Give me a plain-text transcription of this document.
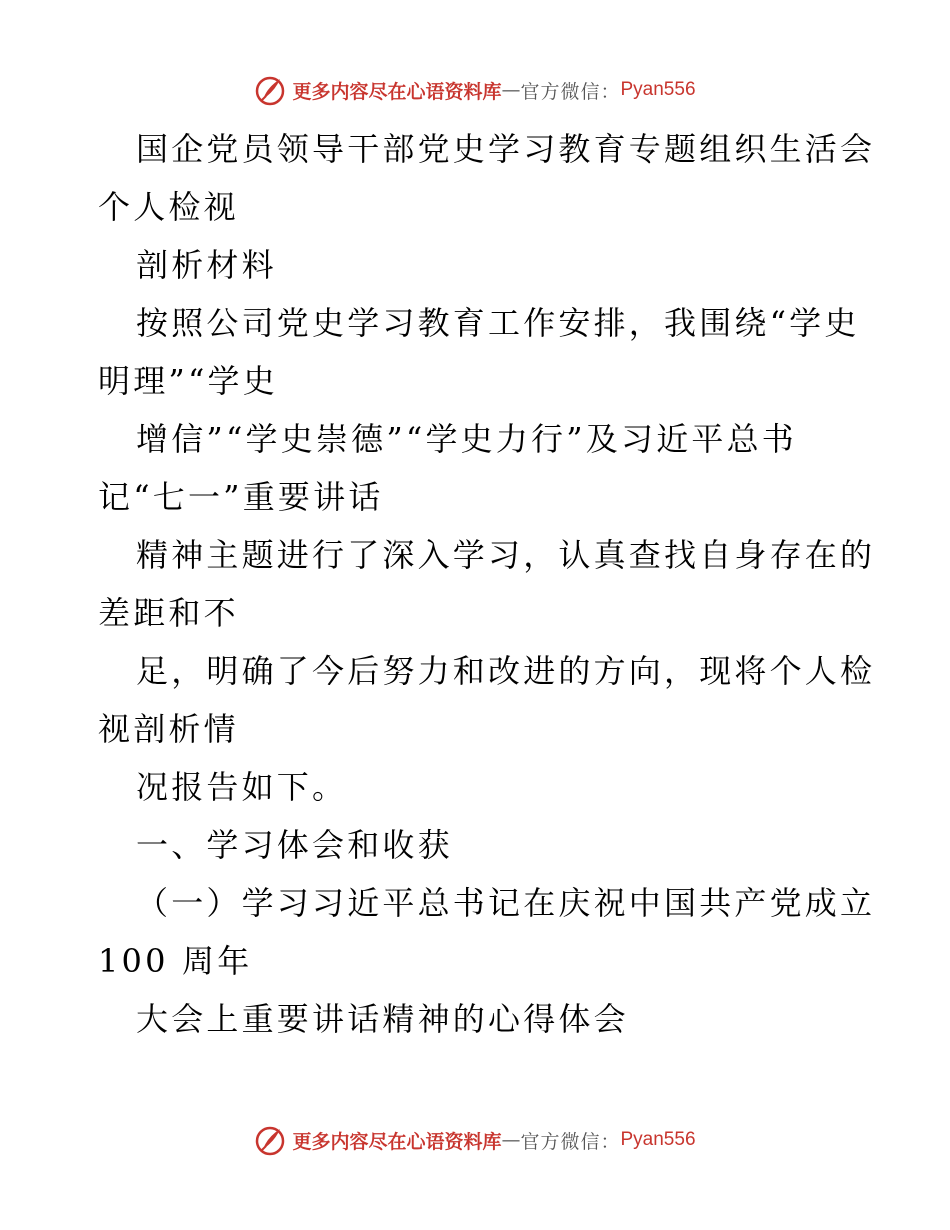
更多内容尽在心语资料库 — 官方微信： Pyan556
国企党员领导干部党史学习教育专题组织生活会
个人检视
剖析材料
按照公司党史学习教育工作安排，我围绕“学史
明理”“学史
增信”“学史崇德”“学史力行”及习近平总书
记“七一”重要讲话
精神主题进行了深入学习，认真查找自身存在的
差距和不
足，明确了今后努力和改进的方向，现将个人检
视剖析情
况报告如下。
一、学习体会和收获
（一）学习习近平总书记在庆祝中国共产党成立
100 周年
大会上重要讲话精神的心得体会
更多内容尽在心语资料库 — 官方微信： Pyan556
